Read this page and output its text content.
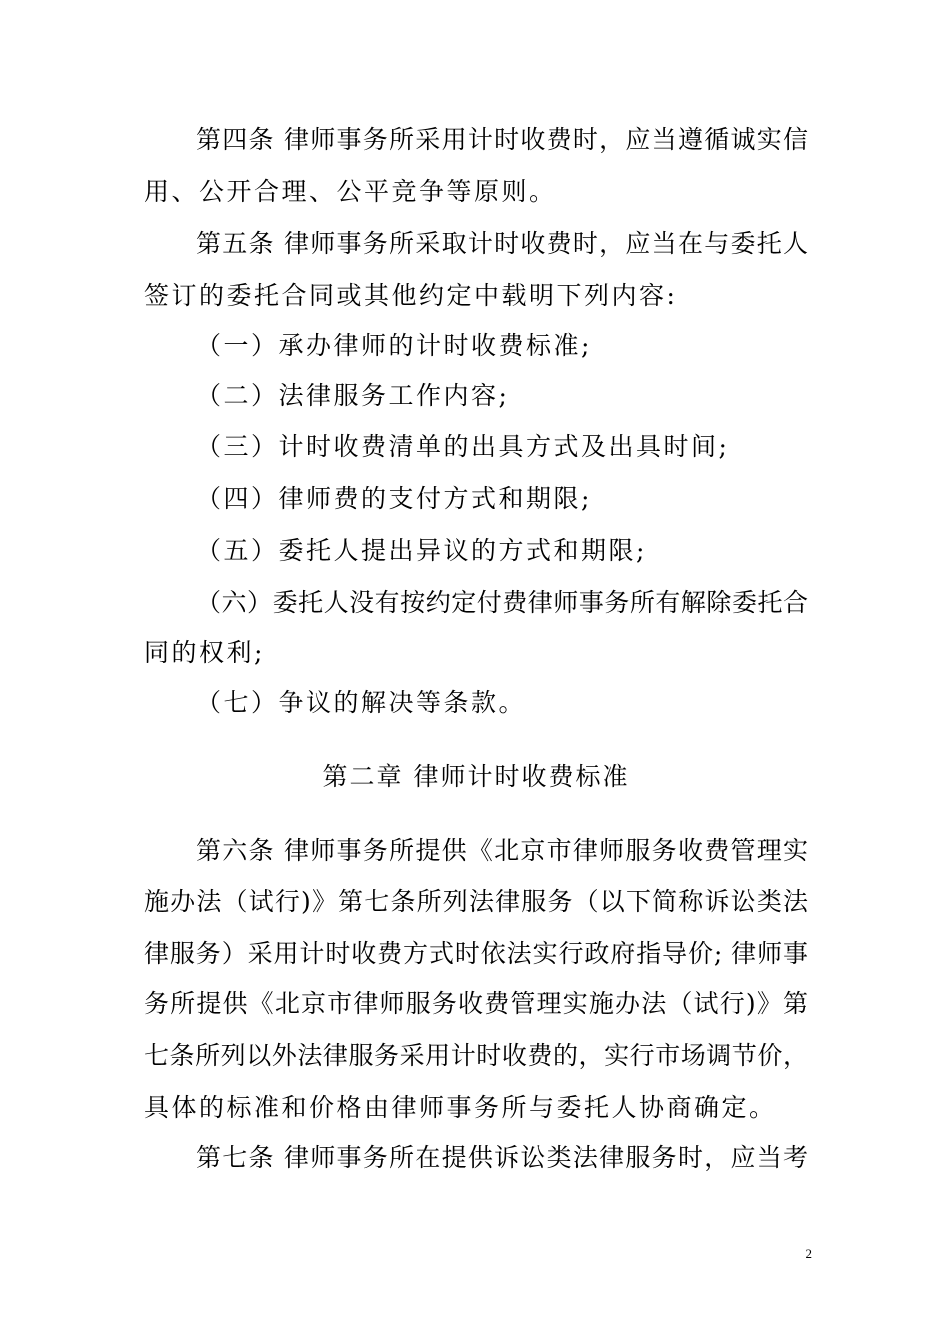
第四条 律师事务所采用计时收费时，应当遵循诚实信
用、公开合理、公平竞争等原则。
第五条 律师事务所采取计时收费时，应当在与委托人
签订的委托合同或其他约定中载明下列内容:
（一）承办律师的计时收费标准;
（二）法律服务工作内容;
（三）计时收费清单的出具方式及出具时间;
（四）律师费的支付方式和期限;
（五）委托人提出异议的方式和期限;
（六）委托人没有按约定付费律师事务所有解除委托合
同的权利;
（七）争议的解决等条款。
第二章 律师计时收费标准
第六条 律师事务所提供《北京市律师服务收费管理实
施办法（试行)》第七条所列法律服务（以下简称诉讼类法
律服务）采用计时收费方式时依法实行政府指导价; 律师事
务所提供《北京市律师服务收费管理实施办法（试行)》第
七条所列以外法律服务采用计时收费的，实行市场调节价，
具体的标准和价格由律师事务所与委托人协商确定。
第七条 律师事务所在提供诉讼类法律服务时，应当考
2
